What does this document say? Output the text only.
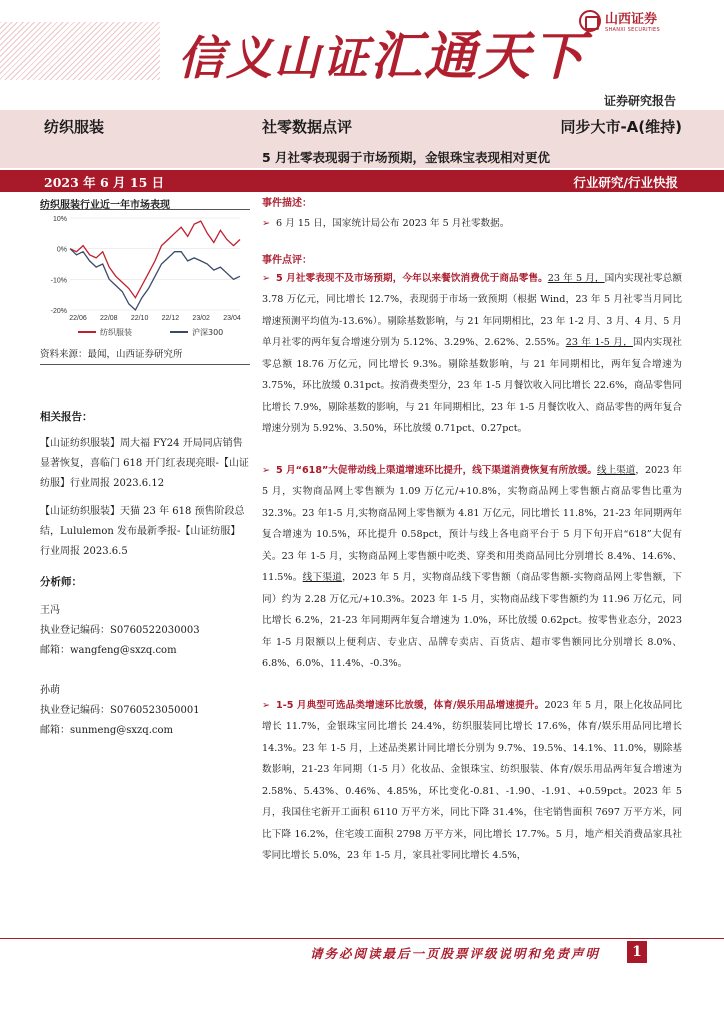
信义山证汇通天下
山西证券
SHANXI SECURITIES
证券研究报告
纺织服装	社零数据点评	同步大市-A(维持)
5 月社零表现弱于市场预期，金银珠宝表现相对更优
2023 年 6 月 15 日	行业研究/行业快报
纺织服装行业近一年市场表现
10%
0%
-10%
-20%
22/06 22/08 22/10 22/12 23/02 23/04
纺织服装	沪深300
资料来源：最闻，山西证券研究所
相关报告：
【山证纺织服装】周大福 FY24 开局同店销售显著恢复，喜临门 618 开门红表现亮眼-【山证纺服】行业周报 2023.6.12
【山证纺织服装】天猫 23 年 618 预售阶段总结，Lululemon 发布最新季报-【山证纺服】行业周报 2023.6.5
分析师：
王冯
执业登记编码：S0760522030003
邮箱：wangfeng@sxzq.com
孙萌
执业登记编码：S0760523050001
邮箱：sunmeng@sxzq.com
事件描述：
➢ 6 月 15 日，国家统计局公布 2023 年 5 月社零数据。
事件点评：
➢ 5 月社零表现不及市场预期，今年以来餐饮消费优于商品零售。23 年 5 月，国内实现社零总额 3.78 万亿元，同比增长 12.7%，表现弱于市场一致预期（根据 Wind，23 年 5 月社零当月同比增速预测平均值为-13.6%）。剔除基数影响，与 21 年同期相比，23 年 1-2 月、3 月、4 月、5 月单月社零的两年复合增速分别为 5.12%、3.29%、2.62%、2.55%。23 年 1-5 月，国内实现社零总额 18.76 万亿元，同比增长 9.3%。剔除基数影响，与 21 年同期相比，两年复合增速为 3.75%，环比放缓 0.31pct。按消费类型分，23 年 1-5 月餐饮收入同比增长 22.6%，商品零售同比增长 7.9%，剔除基数的影响，与 21 年同期相比，23 年 1-5 月餐饮收入、商品零售的两年复合增速分别为 5.92%、3.50%，环比放缓 0.71pct、0.27pct。
➢ 5 月“618”大促带动线上渠道增速环比提升，线下渠道消费恢复有所放缓。线上渠道，2023 年 5 月，实物商品网上零售额为 1.09 万亿元/+10.8%，实物商品网上零售额占商品零售比重为32.3%。23 年1-5 月,实物商品网上零售额为 4.81 万亿元，同比增长 11.8%，21-23 年同期两年复合增速为 10.5%，环比提升 0.58pct，预计与线上各电商平台于 5 月下旬开启“618”大促有关。23 年 1-5 月，实物商品网上零售额中吃类、穿类和用类商品同比分别增长 8.4%、14.6%、11.5%。线下渠道，2023 年 5 月，实物商品线下零售额（商品零售额-实物商品网上零售额，下同）约为 2.28 万亿元/+10.3%。2023 年 1-5 月，实物商品线下零售额约为 11.96 万亿元，同比增长 6.2%，21-23 年同期两年复合增速为 1.0%，环比放缓 0.62pct。按零售业态分，2023 年 1-5 月限额以上便利店、专业店、品牌专卖店、百货店、超市零售额同比分别增长 8.0%、6.8%、6.0%、11.4%、-0.3%。
➢ 1-5 月典型可选品类增速环比放缓，体育/娱乐用品增速提升。2023 年 5 月，限上化妆品同比增长 11.7%，金银珠宝同比增长 24.4%，纺织服装同比增长 17.6%，体育/娱乐用品同比增长 14.3%。23 年 1-5 月，上述品类累计同比增长分别为 9.7%、19.5%、14.1%、11.0%，剔除基数影响，21-23 年同期（1-5 月）化妆品、金银珠宝、纺织服装、体育/娱乐用品两年复合增速为 2.58%、5.43%、0.46%、4.85%，环比变化-0.81、-1.90、-1.91、+0.59pct。2023 年 5 月，我国住宅新开工面积 6110 万平方米，同比下降 31.4%，住宅销售面积 7697 万平方米，同比下降 16.2%，住宅竣工面积 2798 万平方米，同比增长 17.7%。5 月，地产相关消费品家具社零同比增长 5.0%，23 年 1-5 月，家具社零同比增长 4.5%，
请务必阅读最后一页股票评级说明和免责声明	1
